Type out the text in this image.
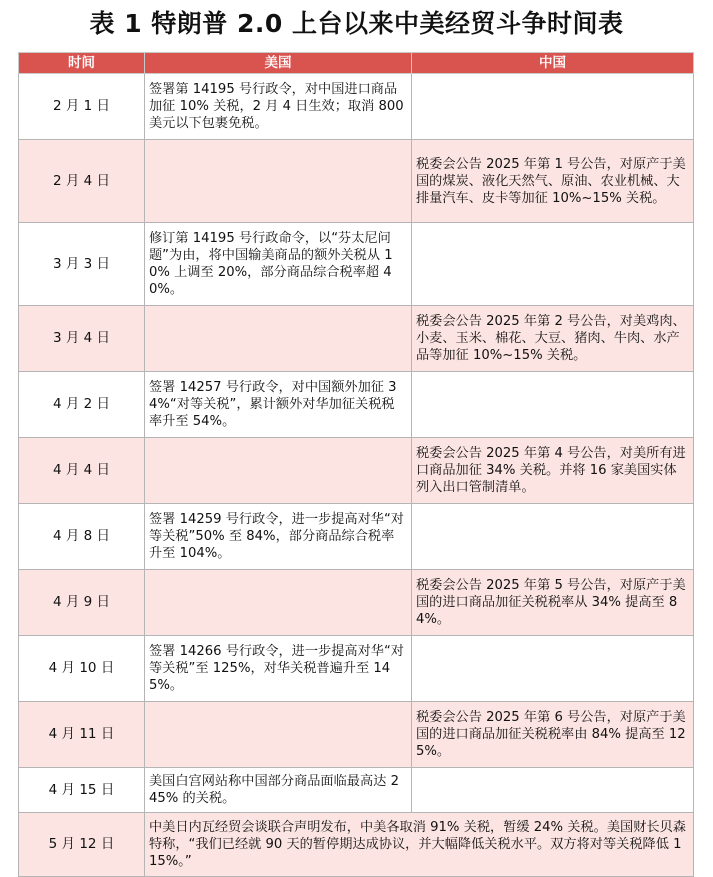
表 1 特朗普 2.0 上台以来中美经贸斗争时间表
时间	美国	中国
2 月 1 日	签署第 14195 号行政令，对中国进口商品加征 10% 关税，2 月 4 日生效；取消 800 美元以下包裹免税。	
2 月 4 日		税委会公告 2025 年第 1 号公告，对原产于美国的煤炭、液化天然气、原油、农业机械、大排量汽车、皮卡等加征 10%~15% 关税。
3 月 3 日	修订第 14195 号行政命令，以“芬太尼问题”为由，将中国输美商品的额外关税从 10% 上调至 20%，部分商品综合税率超 40%。	
3 月 4 日		税委会公告 2025 年第 2 号公告，对美鸡肉、小麦、玉米、棉花、大豆、猪肉、牛肉、水产品等加征 10%~15% 关税。
4 月 2 日	签署 14257 号行政令，对中国额外加征 34%“对等关税”，累计额外对华加征关税税率升至 54%。	
4 月 4 日		税委会公告 2025 年第 4 号公告，对美所有进口商品加征 34% 关税。并将 16 家美国实体列入出口管制清单。
4 月 8 日	签署 14259 号行政令，进一步提高对华“对等关税”50% 至 84%，部分商品综合税率升至 104%。	
4 月 9 日		税委会公告 2025 年第 5 号公告，对原产于美国的进口商品加征关税税率从 34% 提高至 84%。
4 月 10 日	签署 14266 号行政令，进一步提高对华“对等关税”至 125%，对华关税普遍升至 145%。	
4 月 11 日		税委会公告 2025 年第 6 号公告，对原产于美国的进口商品加征关税税率由 84% 提高至 125%。
4 月 15 日	美国白宫网站称中国部分商品面临最高达 245% 的关税。	
5 月 12 日	中美日内瓦经贸会谈联合声明发布，中美各取消 91% 关税，暂缓 24% 关税。美国财长贝森特称，“我们已经就 90 天的暂停期达成协议，并大幅降低关税水平。双方将对等关税降低 115%。”	
